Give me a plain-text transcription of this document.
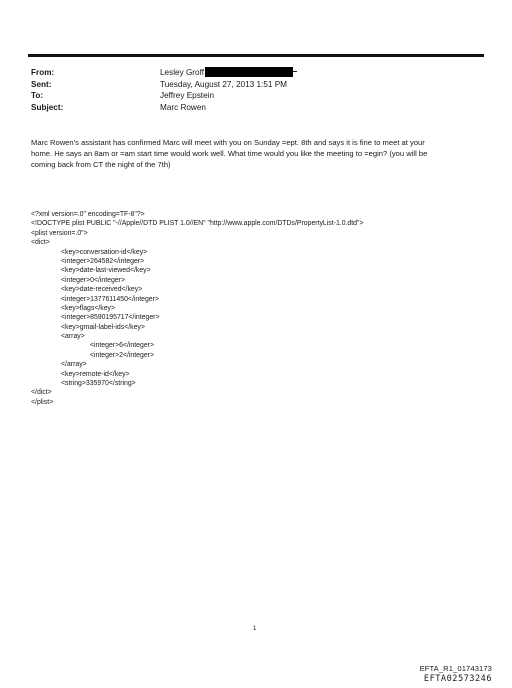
From:	Lesley Groff
Sent:	Tuesday, August 27, 2013 1:51 PM
To:	Jeffrey Epstein
Subject:	Marc Rowen

Marc Rowen's assistant has confirmed Marc will meet with you on Sunday =ept. 8th and says it is fine to meet at your

home. He says an 8am or =am start time would work well. What time would you like the meeting to =egin? (you will be

coming back from CT the night of the 7th)

<?xml version=.0" encoding=TF-8"?>
<!DOCTYPE plist PUBLIC "-//Apple//DTD PLIST 1.0//EN" "http://www.apple.com/DTDs/PropertyList-1.0.dtd">
<plist version=.0">
<dict>
<key>conversation-id</key>
<integer>264582</integer>
<key>date-last-viewed</key>
<integer>0</integer>
<key>date-received</key>
<integer>1377611450</integer>
<key>flags</key>
<integer>8590195717</integer>
<key>gmail-label-ids</key>
<array>
<integer>6</integer>
<integer>2</integer>
</array>
<key>remote-id</key>
<string>335970</string>
</dict>
</plist>
1
EFTA_R1_01743173
EFTA02573246
